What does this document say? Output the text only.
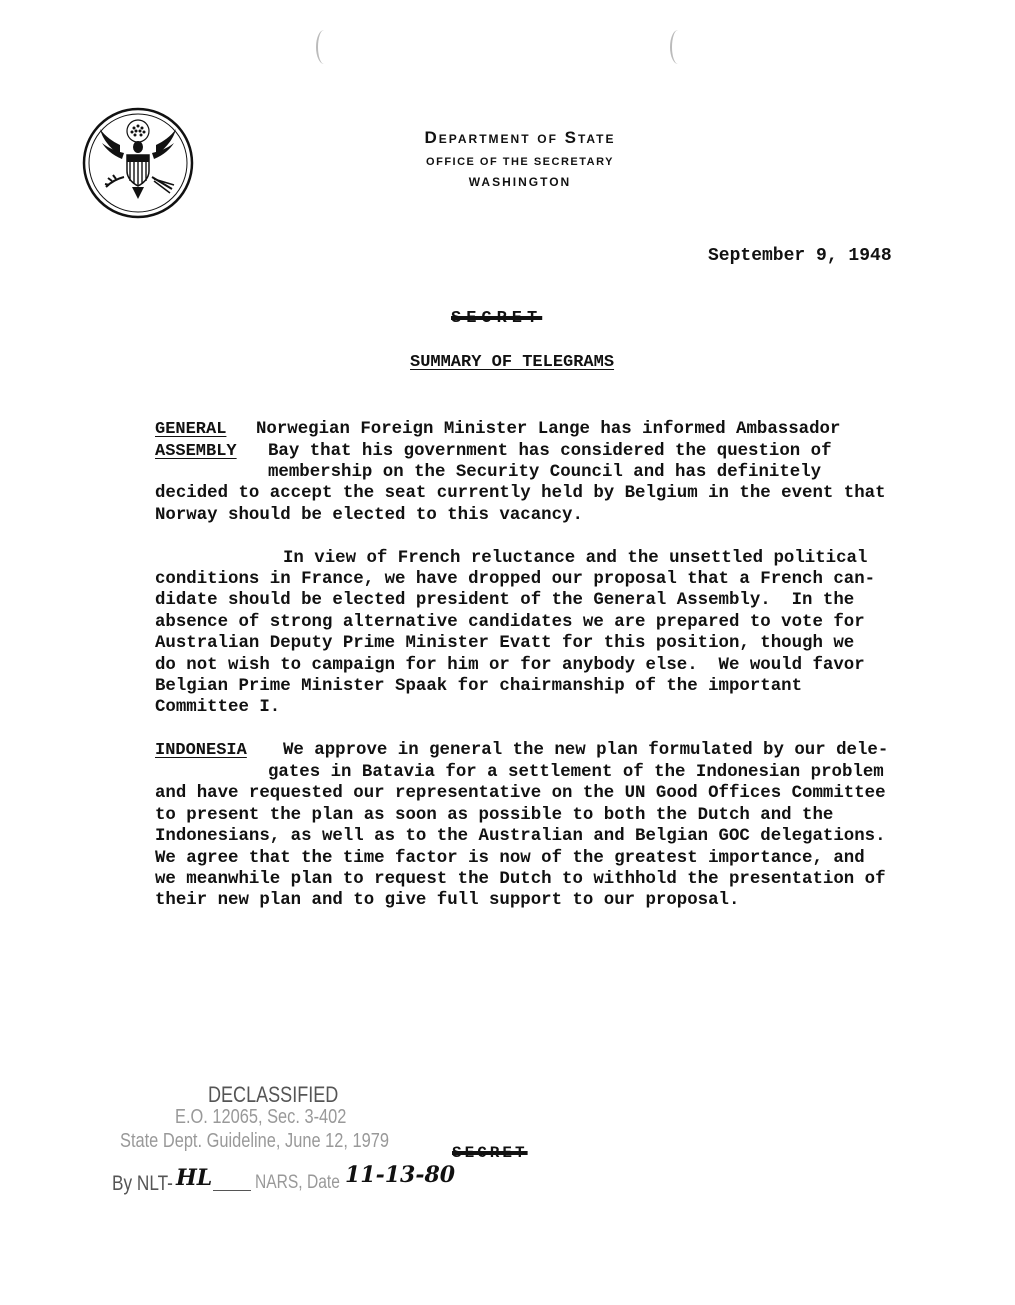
Department of State
OFFICE OF THE SECRETARY
WASHINGTON
September 9, 1948
SECRET
SUMMARY OF TELEGRAMS
GENERAL
ASSEMBLY
Norwegian Foreign Minister Lange has informed Ambassador
Bay that his government has considered the question of
membership on the Security Council and has definitely
decided to accept the seat currently held by Belgium in the event that
Norway should be elected to this vacancy.
In view of French reluctance and the unsettled political
conditions in France, we have dropped our proposal that a French can-
didate should be elected president of the General Assembly.  In the
absence of strong alternative candidates we are prepared to vote for
Australian Deputy Prime Minister Evatt for this position, though we
do not wish to campaign for him or for anybody else.  We would favor
Belgian Prime Minister Spaak for chairmanship of the important
Committee I.
INDONESIA We approve in general the new plan formulated by our dele-
gates in Batavia for a settlement of the Indonesian problem
and have requested our representative on the UN Good Offices Committee
to present the plan as soon as possible to both the Dutch and the
Indonesians, as well as to the Australian and Belgian GOC delegations.
We agree that the time factor is now of the greatest importance, and
we meanwhile plan to request the Dutch to withhold the presentation of
their new plan and to give full support to our proposal.
DECLASSIFIED
E.O. 12065, Sec. 3-402
State Dept. Guideline, June 12, 1979
By NLT- HL NARS, Date 11-13-80
SECRET
